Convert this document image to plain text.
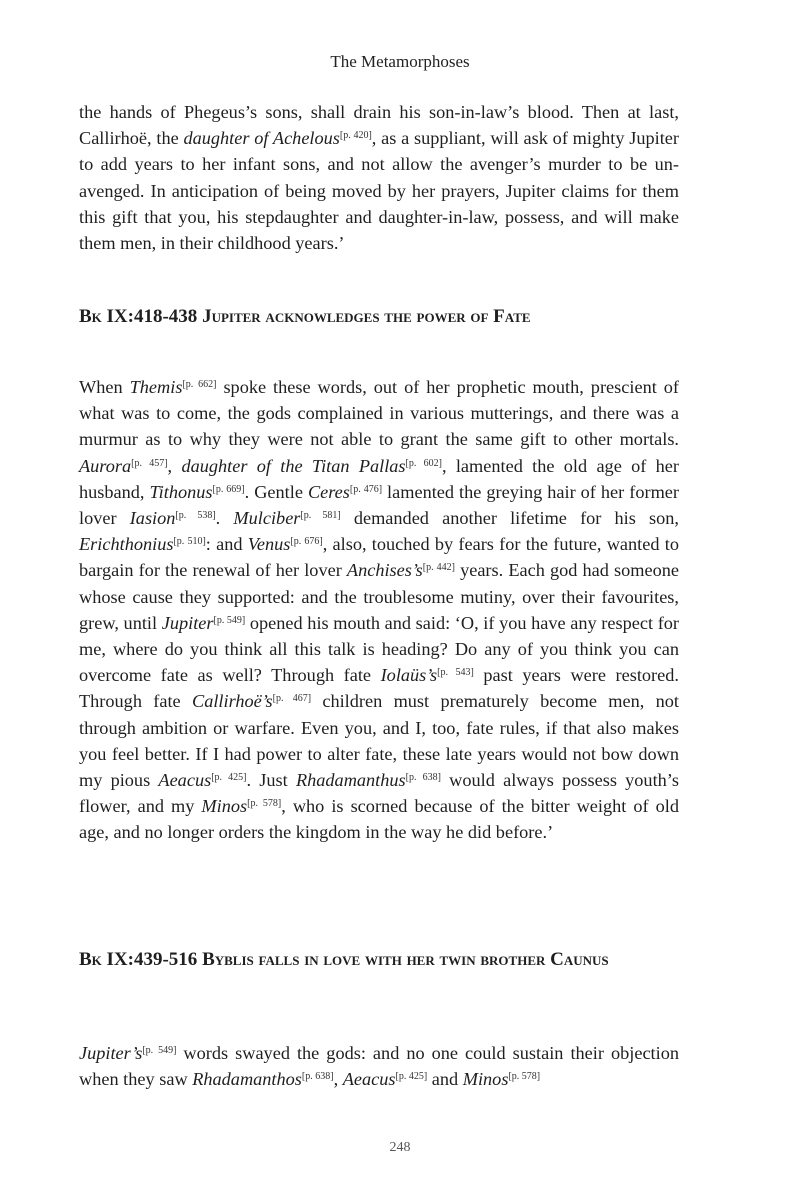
The Metamorphoses

the hands of Phegeus’s sons, shall drain his son-in-law’s blood. Then at last, Callirhoë, the daughter of Achelous[p. 420], as a suppliant, will ask of mighty Jupiter to add years to her infant sons, and not allow the avenger’s murder to be un-avenged. In anticipation of being moved by her prayers, Jupiter claims for them this gift that you, his stepdaughter and daughter-in-law, possess, and will make them men, in their childhood years.’

Bk IX:418-438 Jupiter acknowledges the power of Fate

When Themis[p. 662] spoke these words, out of her prophetic mouth, prescient of what was to come, the gods complained in various mutterings, and there was a murmur as to why they were not able to grant the same gift to other mortals. Aurora[p. 457], daughter of the Titan Pallas[p. 602], lamented the old age of her husband, Tithonus[p. 669]. Gentle Ceres[p. 476] lamented the greying hair of her former lover Iasion[p. 538]. Mulciber[p. 581] demanded another lifetime for his son, Erichthonius[p. 510]: and Venus[p. 676], also, touched by fears for the future, wanted to bargain for the renewal of her lover Anchises’s[p. 442] years. Each god had someone whose cause they supported: and the troublesome mutiny, over their favourites, grew, until Jupiter[p. 549] opened his mouth and said: ‘O, if you have any respect for me, where do you think all this talk is heading? Do any of you think you can overcome fate as well? Through fate Iolaüs’s[p. 543] past years were restored. Through fate Callirhoë’s[p. 467] children must prematurely become men, not through ambition or warfare. Even you, and I, too, fate rules, if that also makes you feel better. If I had power to alter fate, these late years would not bow down my pious Aeacus[p. 425]. Just Rhadamanthus[p. 638] would always possess youth’s flower, and my Minos[p. 578], who is scorned because of the bitter weight of old age, and no longer orders the kingdom in the way he did before.’

Bk IX:439-516 Byblis falls in love with her twin brother Caunus

Jupiter’s[p. 549] words swayed the gods: and no one could sustain their objection when they saw Rhadamanthos[p. 638], Aeacus[p. 425] and Minos[p. 578]

248
